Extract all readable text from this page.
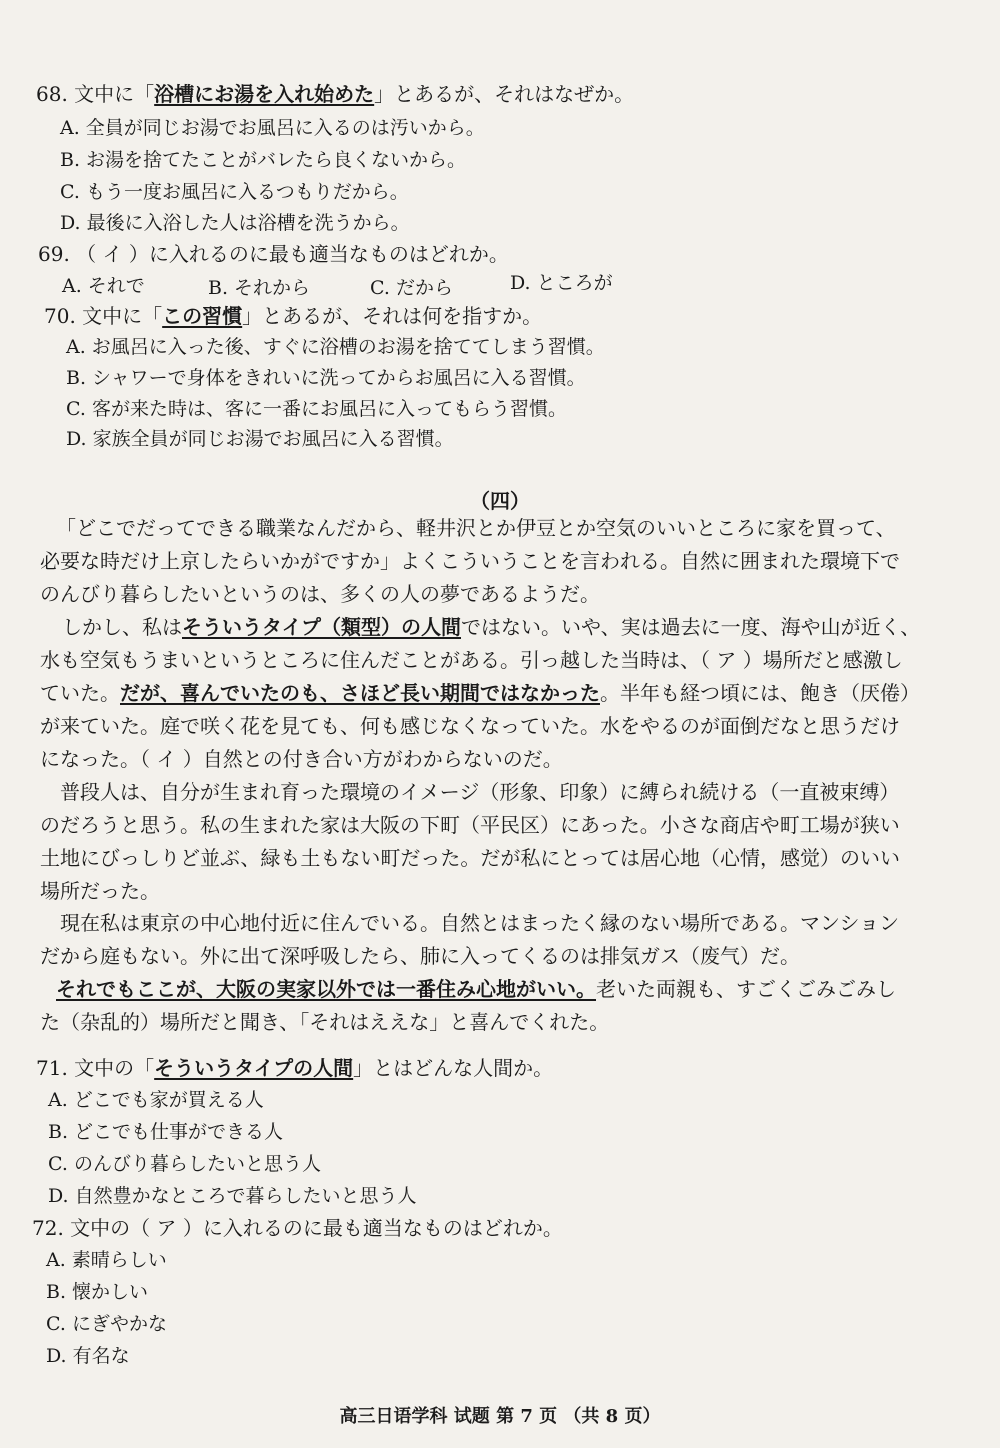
68. 文中に「浴槽にお湯を入れ始めた」とあるが、それはなぜか。
A. 全員が同じお湯でお風呂に入るのは汚いから。
B. お湯を捨てたことがバレたら良くないから。
C. もう一度お風呂に入るつもりだから。
D. 最後に入浴した人は浴槽を洗うから。
69. （ イ ）に入れるのに最も適当なものはどれか。
A. それで	B. それから	C. だから	D. ところが
70. 文中に「この習慣」とあるが、それは何を指すか。
A. お風呂に入った後、すぐに浴槽のお湯を捨ててしまう習慣。
B. シャワーで身体をきれいに洗ってからお風呂に入る習慣。
C. 客が来た時は、客に一番にお風呂に入ってもらう習慣。
D. 家族全員が同じお湯でお風呂に入る習慣。
（四）
「どこでだってできる職業なんだから、軽井沢とか伊豆とか空気のいいところに家を買って、
必要な時だけ上京したらいかがですか」よくこういうことを言われる。自然に囲まれた環境下で
のんびり暮らしたいというのは、多くの人の夢であるようだ。
しかし、私はそういうタイプ（類型）の人間ではない。いや、実は過去に一度、海や山が近く、
水も空気もうまいというところに住んだことがある。引っ越した当時は、（ ア ）場所だと感激し
ていた。だが、喜んでいたのも、さほど長い期間ではなかった。半年も経つ頃には、飽き（厌倦）
が来ていた。庭で咲く花を見ても、何も感じなくなっていた。水をやるのが面倒だなと思うだけ
になった。（ イ ）自然との付き合い方がわからないのだ。
普段人は、自分が生まれ育った環境のイメージ（形象、印象）に縛られ続ける（一直被束缚）
のだろうと思う。私の生まれた家は大阪の下町（平民区）にあった。小さな商店や町工場が狭い
土地にびっしりど並ぶ、緑も土もない町だった。だが私にとっては居心地（心情，感觉）のいい
場所だった。
現在私は東京の中心地付近に住んでいる。自然とはまったく縁のない場所である。マンション
だから庭もない。外に出て深呼吸したら、肺に入ってくるのは排気ガス（废气）だ。
それでもここが、大阪の実家以外では一番住み心地がいい。老いた両親も、すごくごみごみし
た（杂乱的）場所だと聞き、「それはええな」と喜んでくれた。
71. 文中の「そういうタイプの人間」とはどんな人間か。
A. どこでも家が買える人
B. どこでも仕事ができる人
C. のんびり暮らしたいと思う人
D. 自然豊かなところで暮らしたいと思う人
72. 文中の（ ア ）に入れるのに最も適当なものはどれか。
A. 素晴らしい
B. 懐かしい
C. にぎやかな
D. 有名な
高三日语学科 试题 第 7 页 （共 8 页）
